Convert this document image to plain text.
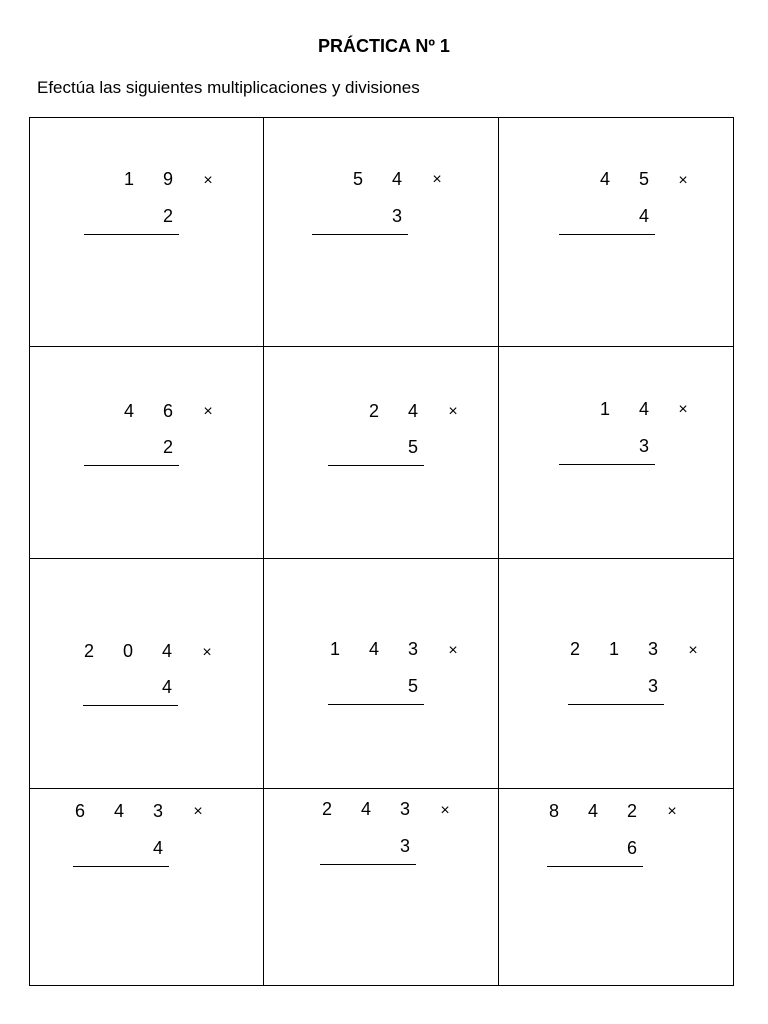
PRÁCTICA Nº 1
Efectúa las siguientes multiplicaciones y divisiones
1 9	×
2
5 4	×
3
4 5	×
4
4 6	×
2
2 4	×
5
1 4	×
3
2 0 4	×
4
1 4 3	×
5
2 1 3	×
3
6 4 3	×
4
2 4 3	×
3
8 4 2	×
6
